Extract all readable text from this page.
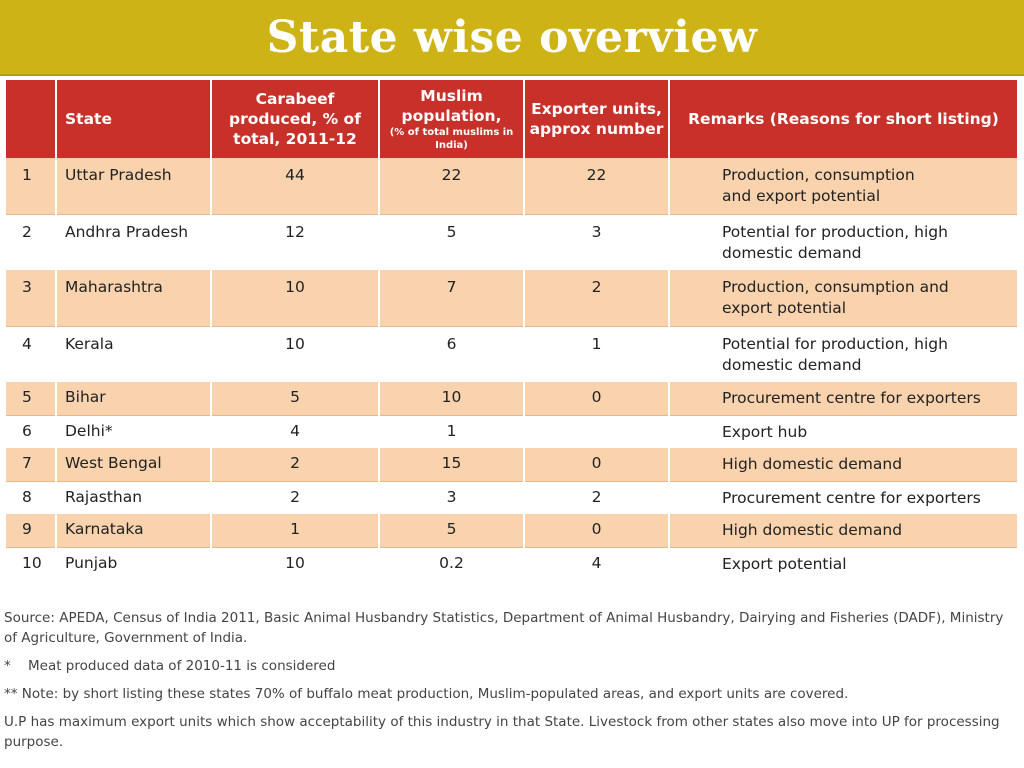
State wise overview
	State	Carabeef produced, % of total, 2011-12	Muslim population,
(% of total muslims in India)	Exporter units, approx number	Remarks (Reasons for short listing)
1	Uttar Pradesh	44	22	22	Production, consumption
and export potential

2	Andhra Pradesh	12	5	3	Potential for production, high
domestic demand

3	Maharashtra	10	7	2	Production, consumption and
export potential

4	Kerala	10	6	1	Potential for production, high
domestic demand

5	Bihar	5	10	0	Procurement centre for exporters

6	Delhi*	4	1		Export hub

7	West Bengal	2	15	0	High domestic demand

8	Rajasthan	2	3	2	Procurement centre for exporters

9	Karnataka	1	5	0	High domestic demand

10	Punjab	10	0.2	4	Export potential

Source: APEDA, Census of India 2011, Basic Animal Husbandry Statistics, Department of Animal Husbandry, Dairying and Fisheries (DADF), Ministry of Agriculture, Government of India.

* Meat produced data of 2010-11 is considered

** Note: by short listing these states 70% of buffalo meat production, Muslim-populated areas, and export units are covered.

U.P has maximum export units which show acceptability of this industry in that State. Livestock from other states also move into UP for processing purpose.
